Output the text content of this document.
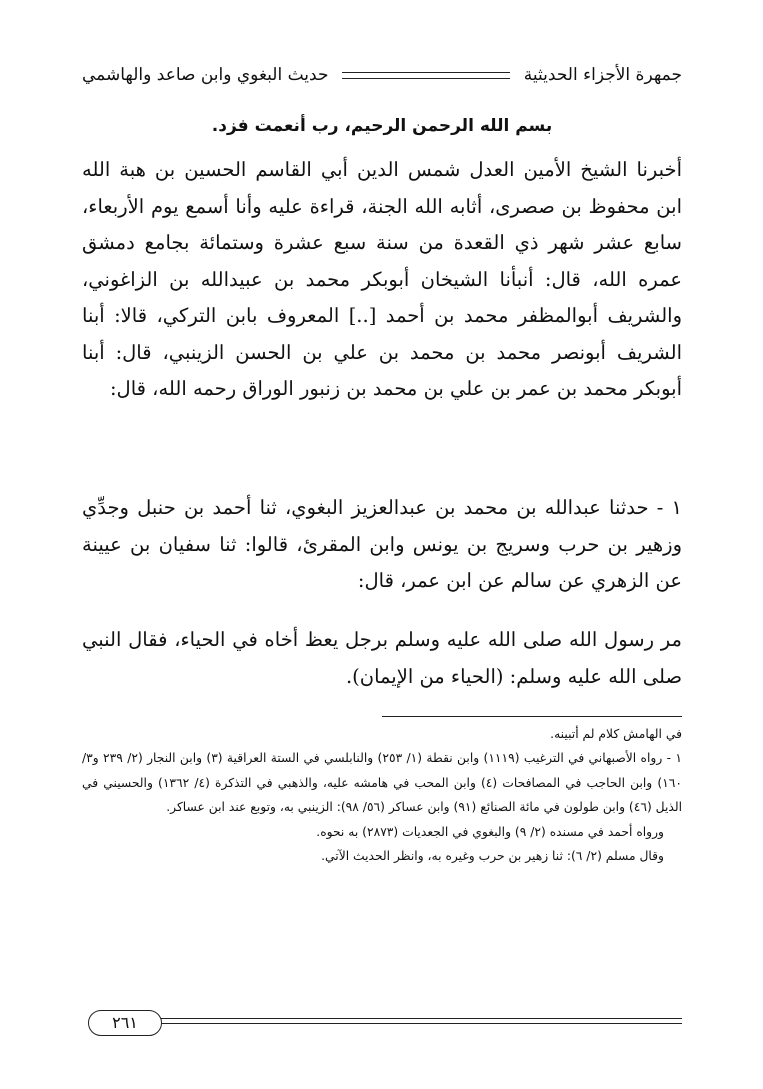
جمهرة الأجزاء الحديثية
حديث البغوي وابن صاعد والهاشمي
بسم الله الرحمن الرحيم، رب أنعمت فزد.

أخبرنا الشيخ الأمين العدل شمس الدين أبي القاسم الحسين بن هبة الله ابن محفوظ بن صصرى، أثابه الله الجنة، قراءة عليه وأنا أسمع يوم الأربعاء، سابع عشر شهر ذي القعدة من سنة سبع عشرة وستمائة بجامع دمشق عمره الله، قال: أنبأنا الشيخان أبوبكر محمد بن عبيدالله بن الزاغوني، والشريف أبوالمظفر محمد بن أحمد [..] المعروف بابن التركي، قالا: أبنا الشريف أبونصر محمد بن محمد بن علي بن الحسن الزينبي، قال: أبنا أبوبكر محمد بن عمر بن علي بن محمد بن زنبور الوراق رحمه الله، قال:

١ - حدثنا عبدالله بن محمد بن عبدالعزيز البغوي، ثنا أحمد بن حنبل وجدِّي وزهير بن حرب وسريج بن يونس وابن المقرئ، قالوا: ثنا سفيان بن عيينة عن الزهري عن سالم عن ابن عمر، قال:

مر رسول الله صلى الله عليه وسلم برجل يعظ أخاه في الحياء، فقال النبي صلى الله عليه وسلم: (الحياء من الإيمان).

في الهامش كلام لم أتبينه.

١ - رواه الأصبهاني في الترغيب (١١١٩) وابن نقطة (١/ ٢٥٣) والنابلسي في الستة العراقية (٣) وابن النجار (٢/ ٢٣٩ و٣/ ١٦٠) وابن الحاجب في المصافحات (٤) وابن المحب في هامشه عليه، والذهبي في التذكرة (٤/ ١٣٦٢) والحسيني في الذيل (٤٦) وابن طولون في مائة الصنائع (٩١) وابن عساكر (٥٦/ ٩٨): الزينبي به، وتوبع عند ابن عساكر.

ورواه أحمد في مسنده (٢/ ٩) والبغوي في الجعديات (٢٨٧٣) به نحوه.

وقال مسلم (٢/ ٦): ثنا زهير بن حرب وغيره به، وانظر الحديث الآتي.

٢٦١
